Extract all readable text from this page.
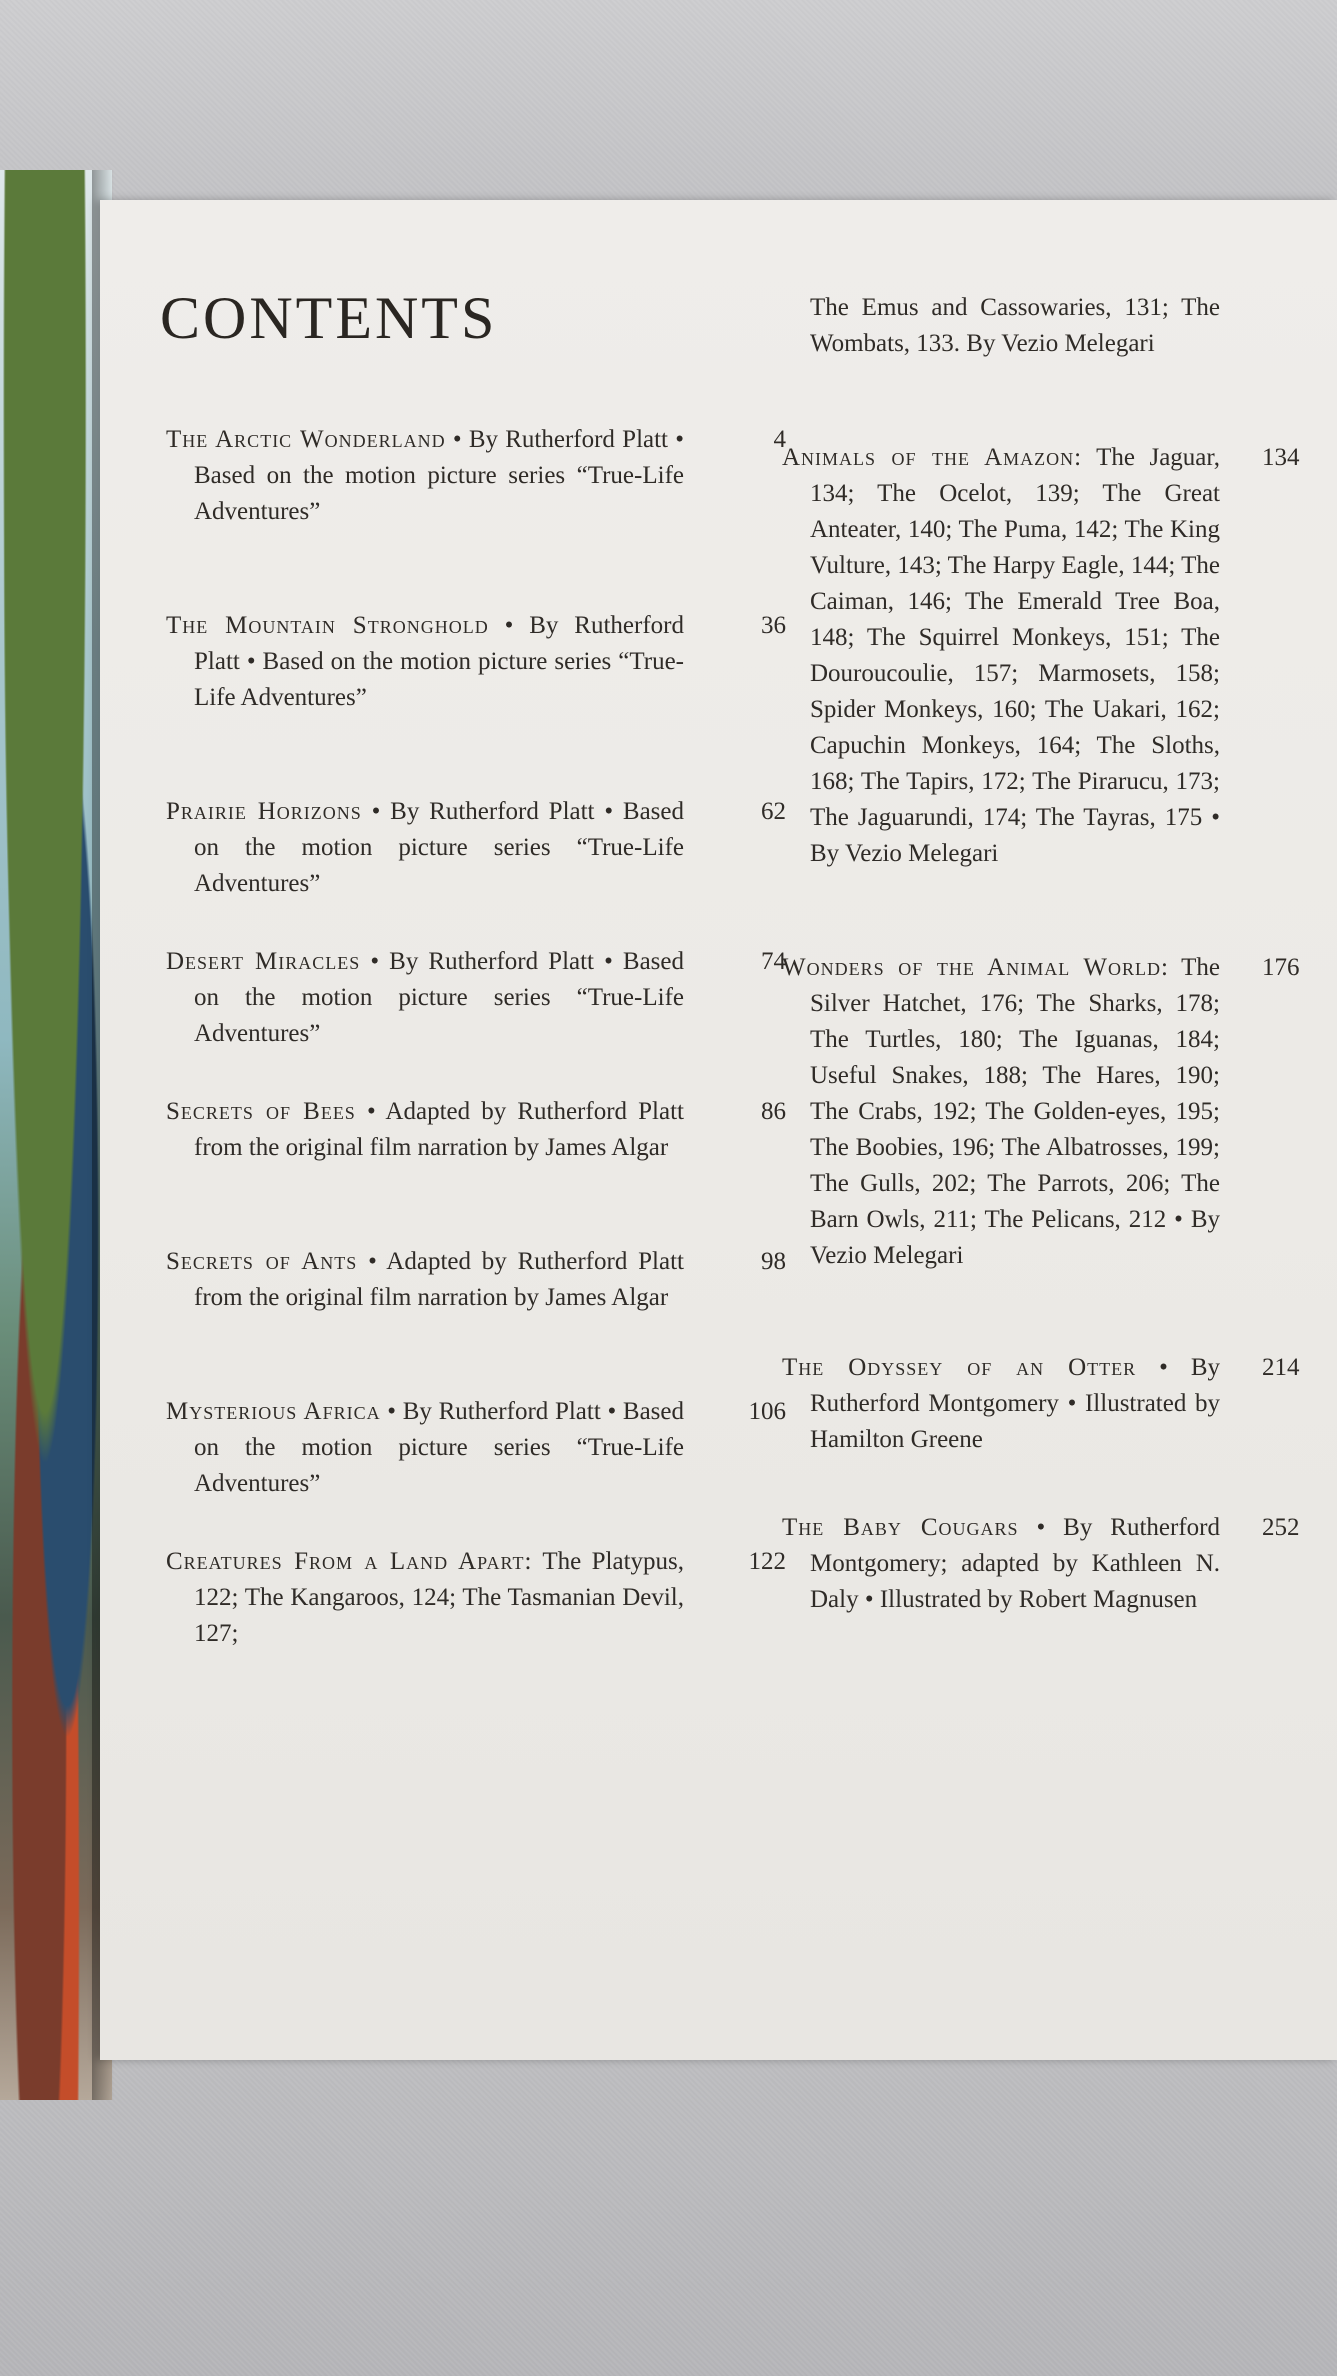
CONTENTS
The Arctic Wonderland • By Rutherford Platt • Based on the motion picture series “True-Life Adventures”
4
The Mountain Stronghold • By Rutherford Platt • Based on the motion picture series “True-Life Adventures”
36
Prairie Horizons • By Rutherford Platt • Based on the motion picture series “True-Life Adventures”
62
Desert Miracles • By Rutherford Platt • Based on the motion picture series “True-Life Adventures”
74
Secrets of Bees • Adapted by Rutherford Platt from the original film narration by James Algar
86
Secrets of Ants • Adapted by Rutherford Platt from the original film narration by James Algar
98
Mysterious Africa • By Rutherford Platt • Based on the motion picture series “True-Life Adventures”
106
Creatures From a Land Apart: The Platypus, 122; The Kangaroos, 124; The Tasmanian Devil, 127;
122
The Emus and Cassowaries, 131; The Wombats, 133. By Vezio Melegari
Animals of the Amazon: The Jaguar, 134; The Ocelot, 139; The Great Anteater, 140; The Puma, 142; The King Vulture, 143; The Harpy Eagle, 144; The Caiman, 146; The Emerald Tree Boa, 148; The Squirrel Monkeys, 151; The Douroucoulie, 157; Marmosets, 158; Spider Monkeys, 160; The Uakari, 162; Capuchin Monkeys, 164; The Sloths, 168; The Tapirs, 172; The Pirarucu, 173; The Jaguarundi, 174; The Tayras, 175 • By Vezio Melegari
134
Wonders of the Animal World: The Silver Hatchet, 176; The Sharks, 178; The Turtles, 180; The Iguanas, 184; Useful Snakes, 188; The Hares, 190; The Crabs, 192; The Golden-eyes, 195; The Boobies, 196; The Albatrosses, 199; The Gulls, 202; The Parrots, 206; The Barn Owls, 211; The Pelicans, 212 • By Vezio Melegari
176
The Odyssey of an Otter • By Rutherford Montgomery • Illustrated by Hamilton Greene
214
The Baby Cougars • By Rutherford Montgomery; adapted by Kathleen N. Daly • Illustrated by Robert Magnusen
252
